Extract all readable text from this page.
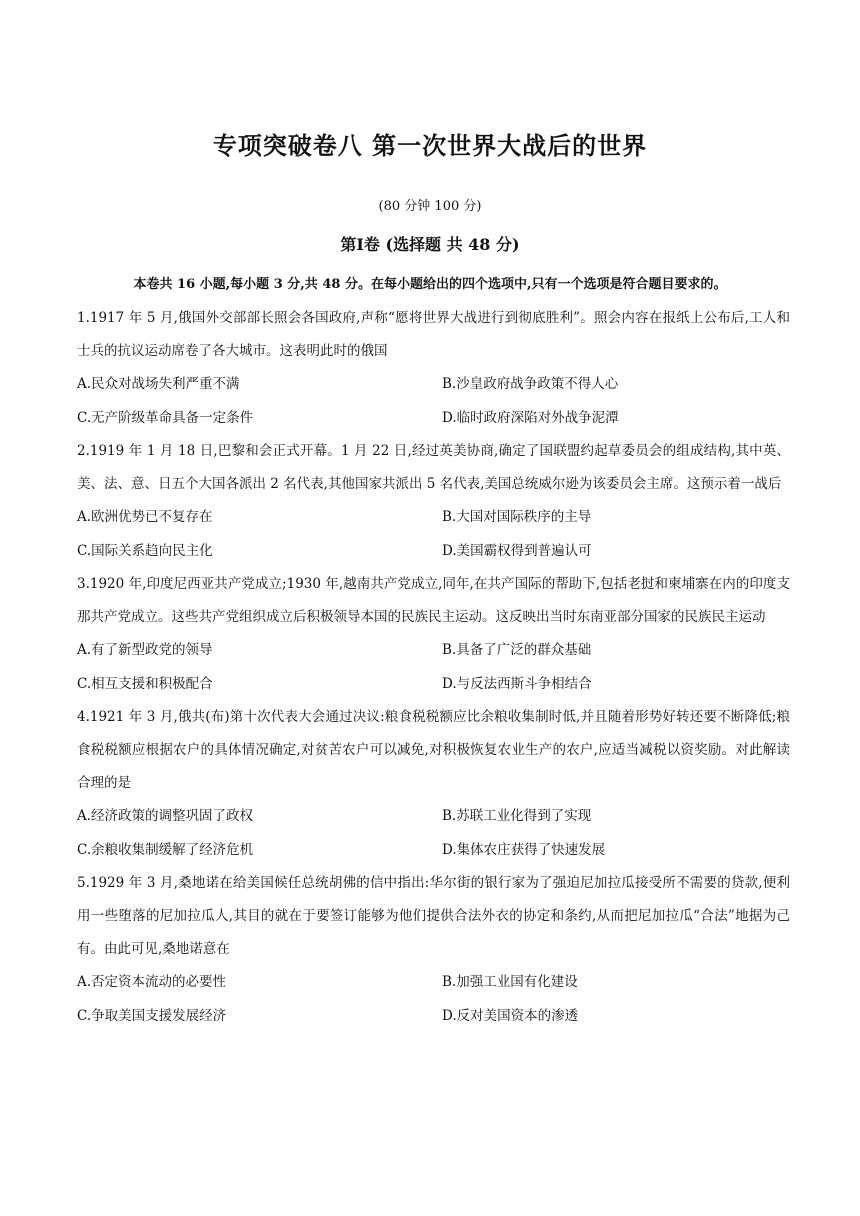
专项突破卷八 第一次世界大战后的世界
(80 分钟 100 分)
第Ⅰ卷 (选择题 共 48 分)
本卷共 16 小题,每小题 3 分,共 48 分。在每小题给出的四个选项中,只有一个选项是符合题目要求的。

1.1917 年 5 月,俄国外交部部长照会各国政府,声称“愿将世界大战进行到彻底胜利”。照会内容在报纸上公布后,工人和士兵的抗议运动席卷了各大城市。这表明此时的俄国

A.民众对战场失利严重不满	B.沙皇政府战争政策不得人心
C.无产阶级革命具备一定条件	D.临时政府深陷对外战争泥潭

2.1919 年 1 月 18 日,巴黎和会正式开幕。1 月 22 日,经过英美协商,确定了国联盟约起草委员会的组成结构,其中英、美、法、意、日五个大国各派出 2 名代表,其他国家共派出 5 名代表,美国总统威尔逊为该委员会主席。这预示着一战后

A.欧洲优势已不复存在	B.大国对国际秩序的主导
C.国际关系趋向民主化	D.美国霸权得到普遍认可

3.1920 年,印度尼西亚共产党成立;1930 年,越南共产党成立,同年,在共产国际的帮助下,包括老挝和柬埔寨在内的印度支那共产党成立。这些共产党组织成立后积极领导本国的民族民主运动。这反映出当时东南亚部分国家的民族民主运动

A.有了新型政党的领导	B.具备了广泛的群众基础
C.相互支援和积极配合	D.与反法西斯斗争相结合

4.1921 年 3 月,俄共(布)第十次代表大会通过决议:粮食税税额应比余粮收集制时低,并且随着形势好转还要不断降低;粮食税税额应根据农户的具体情况确定,对贫苦农户可以减免,对积极恢复农业生产的农户,应适当减税以资奖励。对此解读合理的是

A.经济政策的调整巩固了政权	B.苏联工业化得到了实现
C.余粮收集制缓解了经济危机	D.集体农庄获得了快速发展

5.1929 年 3 月,桑地诺在给美国候任总统胡佛的信中指出:华尔街的银行家为了强迫尼加拉瓜接受所不需要的贷款,便利用一些堕落的尼加拉瓜人,其目的就在于要签订能够为他们提供合法外衣的协定和条约,从而把尼加拉瓜“合法”地据为己有。由此可见,桑地诺意在

A.否定资本流动的必要性	B.加强工业国有化建设
C.争取美国支援发展经济	D.反对美国资本的渗透
